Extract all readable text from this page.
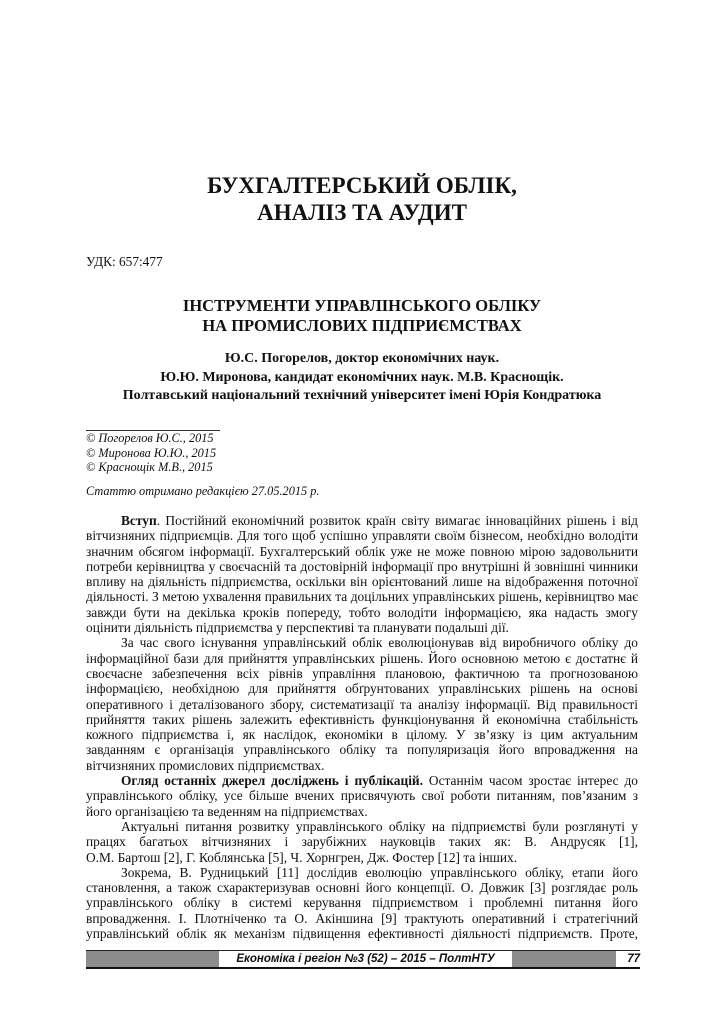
БУХГАЛТЕРСЬКИЙ ОБЛІК,
АНАЛІЗ ТА АУДИТ
УДК: 657:477
ІНСТРУМЕНТИ УПРАВЛІНСЬКОГО ОБЛІКУ
НА ПРОМИСЛОВИХ ПІДПРИЄМСТВАХ
Ю.С. Погорелов, доктор економічних наук.
Ю.Ю. Миронова, кандидат економічних наук. М.В. Краснощік.
Полтавський національний технічний університет імені Юрія Кондратюка
© Погорелов Ю.С., 2015
© Миронова Ю.Ю., 2015
© Краснощік М.В., 2015
Статтю отримано редакцією 27.05.2015 р.
Вступ. Постійний економічний розвиток країн світу вимагає інноваційних рішень і від
вітчизняних підприємців. Для того щоб успішно управляти своїм бізнесом, необхідно володіти
значним обсягом інформації. Бухгалтерський облік уже не може повною мірою задовольнити
потреби керівництва у своєчасній та достовірній інформації про внутрішні й зовнішні чинники
впливу на діяльність підприємства, оскільки він орієнтований лише на відображення поточної
діяльності. З метою ухвалення правильних та доцільних управлінських рішень, керівництво має
завжди бути на декілька кроків попереду, тобто володіти інформацією, яка надасть змогу
оцінити діяльність підприємства у перспективі та планувати подальші дії.
За час свого існування управлінський облік еволюціонував від виробничого обліку до
інформаційної бази для прийняття управлінських рішень. Його основною метою є достатнє й
своєчасне забезпечення всіх рівнів управління плановою, фактичною та прогнозованою
інформацією, необхідною для прийняття обґрунтованих управлінських рішень на основі
оперативного і деталізованого збору, систематизації та аналізу інформації. Від правильності
прийняття таких рішень залежить ефективність функціонування й економічна стабільність
кожного підприємства і, як наслідок, економіки в цілому. У зв’язку із цим актуальним
завданням є організація управлінського обліку та популяризація його впровадження на
вітчизняних промислових підприємствах.
Огляд останніх джерел досліджень і публікацій. Останнім часом зростає інтерес до
управлінського обліку, усе більше вчених присвячують свої роботи питанням, пов’язаним з
його організацією та веденням на підприємствах.
Актуальні питання розвитку управлінського обліку на підприємстві були розглянуті у
працях багатьох вітчизняних і зарубіжних науковців таких як: В. Андрусяк [1],
О.М. Бартош [2], Г. Коблянська [5], Ч. Хорнгрен, Дж. Фостер [12] та інших.
Зокрема, В. Рудницький [11] дослідив еволюцію управлінського обліку, етапи його
становлення, а також схарактеризував основні його концепції. О. Довжик [3] розглядає роль
управлінського обліку в системі керування підприємством і проблемні питання його
впровадження. І. Плотніченко та О. Акіншина [9] трактують оперативний і стратегічний
управлінський облік як механізм підвищення ефективності діяльності підприємств. Проте,
Економіка і регіон №3 (52) – 2015 – ПолтНТУ	77
